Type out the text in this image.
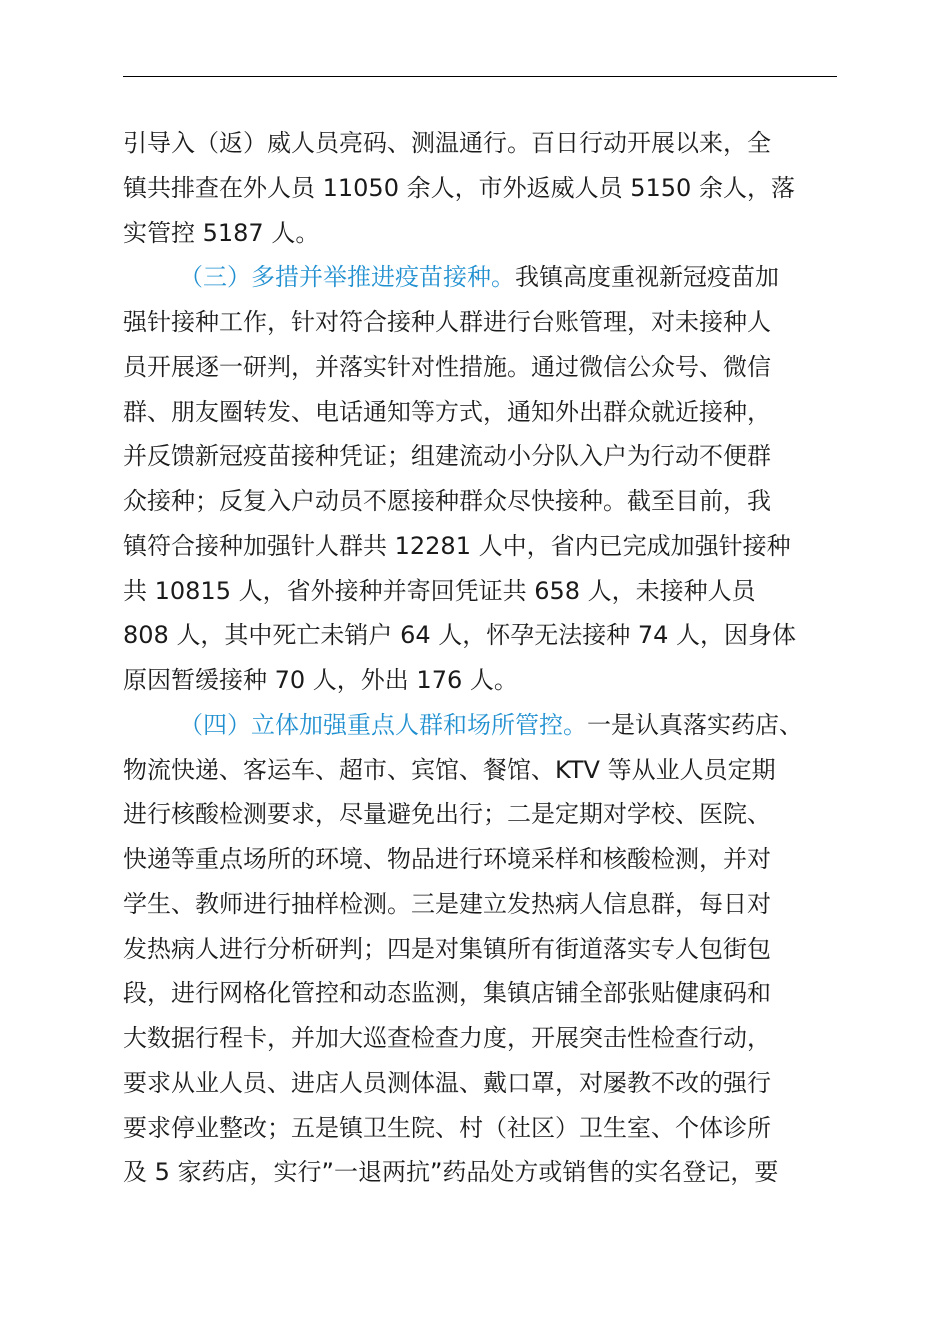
引导入（返）威人员亮码、测温通行。百日行动开展以来，全
镇共排查在外人员 11050 余人，市外返威人员 5150 余人，落
实管控 5187 人。
（三）多措并举推进疫苗接种。我镇高度重视新冠疫苗加
强针接种工作，针对符合接种人群进行台账管理，对未接种人
员开展逐一研判，并落实针对性措施。通过微信公众号、微信
群、朋友圈转发、电话通知等方式，通知外出群众就近接种，
并反馈新冠疫苗接种凭证；组建流动小分队入户为行动不便群
众接种；反复入户动员不愿接种群众尽快接种。截至目前，我
镇符合接种加强针人群共 12281 人中，省内已完成加强针接种
共 10815 人，省外接种并寄回凭证共 658 人，未接种人员
808 人，其中死亡未销户 64 人，怀孕无法接种 74 人，因身体
原因暂缓接种 70 人，外出 176 人。
（四）立体加强重点人群和场所管控。一是认真落实药店、
物流快递、客运车、超市、宾馆、餐馆、KTV 等从业人员定期
进行核酸检测要求，尽量避免出行；二是定期对学校、医院、
快递等重点场所的环境、物品进行环境采样和核酸检测，并对
学生、教师进行抽样检测。三是建立发热病人信息群，每日对
发热病人进行分析研判；四是对集镇所有街道落实专人包街包
段，进行网格化管控和动态监测，集镇店铺全部张贴健康码和
大数据行程卡，并加大巡查检查力度，开展突击性检查行动，
要求从业人员、进店人员测体温、戴口罩，对屡教不改的强行
要求停业整改；五是镇卫生院、村（社区）卫生室、个体诊所
及 5 家药店，实行”一退两抗”药品处方或销售的实名登记，要
